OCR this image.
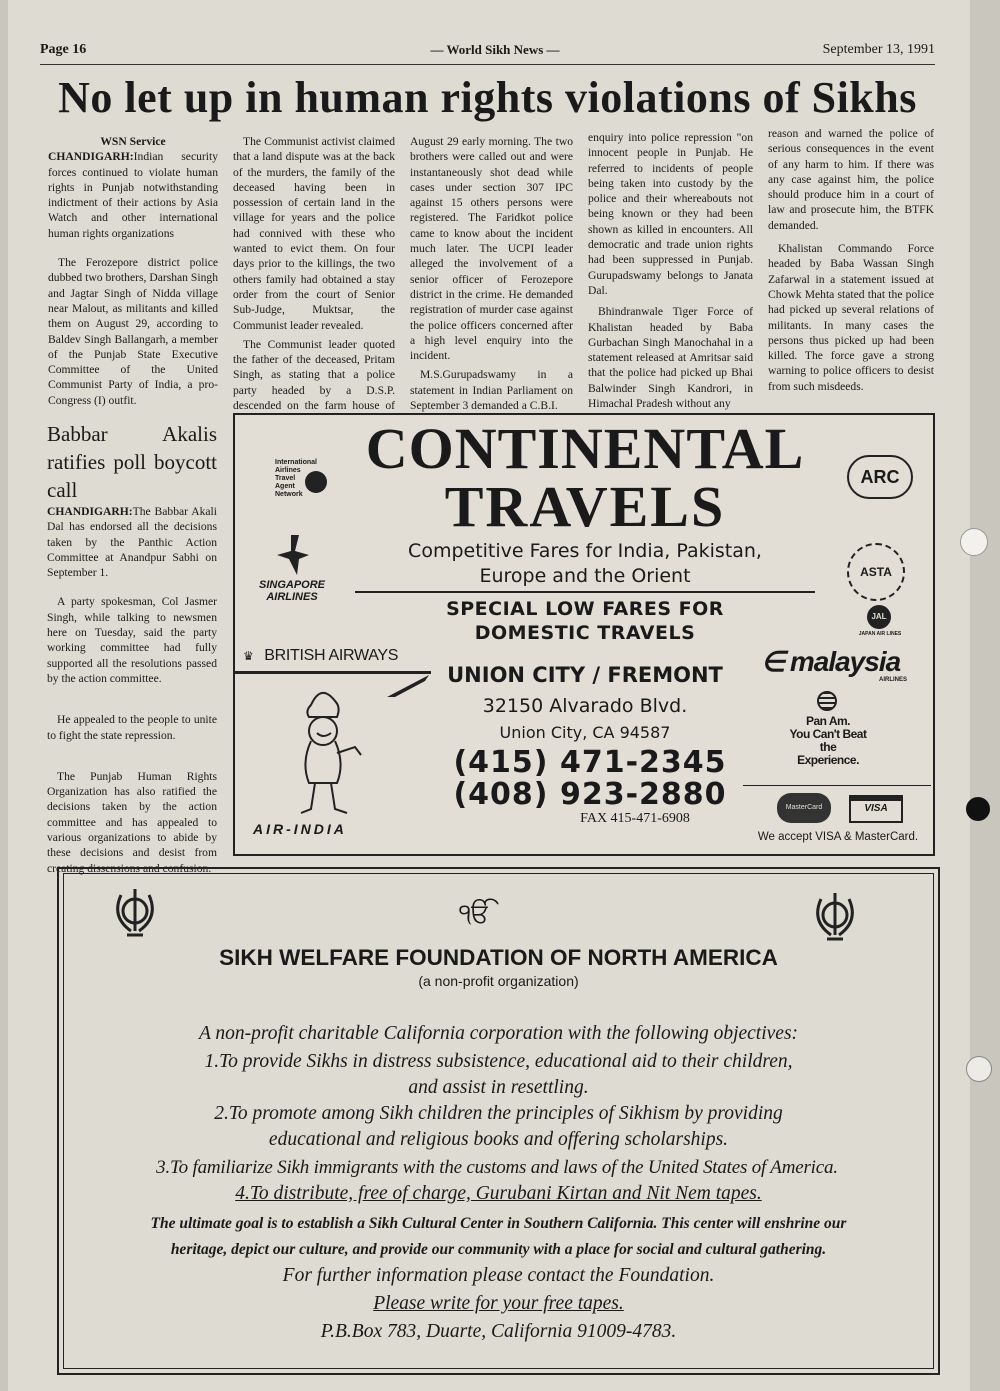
Page 16	— World Sikh News —	September 13, 1991
No let up in human rights violations of Sikhs
WSN Service

CHANDIGARH:Indian security forces continued to violate human rights in Punjab notwithstanding indictment of their actions by Asia Watch and other international human rights organizations

The Ferozepore district police dubbed two brothers, Darshan Singh and Jagtar Singh of Nidda village near Malout, as militants and killed them on August 29, according to Baldev Singh Ballangarh, a member of the Punjab State Executive Committee of the United Communist Party of India, a pro-Congress (I) outfit.

The Communist activist claimed that a land dispute was at the back of the murders, the family of the deceased having been in possession of certain land in the village for years and the police had connived with these who wanted to evict them. On four days prior to the killings, the two others family had obtained a stay order from the court of Senior Sub-Judge, Muktsar, the Communist leader revealed.

The Communist leader quoted the father of the deceased, Pritam Singh, as stating that a police party headed by a D.S.P. descended on the farm house of

August 29 early morning. The two brothers were called out and were instantaneously shot dead while cases under section 307 IPC against 15 others persons were registered. The Faridkot police came to know about the incident much later. The UCPI leader alleged the involvement of a senior officer of Ferozepore district in the crime. He demanded registration of murder case against the police officers concerned after a high level enquiry into the incident.

M.S.Gurupadswamy in a statement in Indian Parliament on September 3 demanded a C.B.I.

enquiry into police repression "on innocent people in Punjab. He referred to incidents of people being taken into custody by the police and their whereabouts not being known or they had been shown as killed in encounters. All democratic and trade union rights had been suppressed in Punjab. Gurupadswamy belongs to Janata Dal.

Bhindranwale Tiger Force of Khalistan headed by Baba Gurbachan Singh Manochahal in a statement released at Amritsar said that the police had picked up Bhai Balwinder Singh Kandrori, in Himachal Pradesh without any

reason and warned the police of serious consequences in the event of any harm to him. If there was any case against him, the police should produce him in a court of law and prosecute him, the BTFK demanded.

Khalistan Commando Force headed by Baba Wassan Singh Zafarwal in a statement issued at Chowk Mehta stated that the police had picked up several relations of militants. In many cases the persons thus picked up had been killed. The force gave a strong warning to police officers to desist from such misdeeds.

Babbar Akalis ratifies poll boycott call

CHANDIGARH:The Babbar Akali Dal has endorsed all the decisions taken by the Panthic Action Committee at Anandpur Sabhi on September 1.

A party spokesman, Col Jasmer Singh, while talking to newsmen here on Tuesday, said the party working committee had fully supported all the resolutions passed by the action committee.

He appealed to the people to unite to fight the state repression.

The Punjab Human Rights Organization has also ratified the decisions taken by the action committee and has appealed to various organizations to abide by these decisions and desist from creating dissensions and confusion.

CONTINENTAL
TRAVELS
International
Airlines
Travel
Agent
Network
ARC
SINGAPORE
AIRLINES
Competitive Fares for India, Pakistan,
Europe and the Orient	ASTA
JAL
JAPAN AIR LINES
SPECIAL LOW FARES FOR
DOMESTIC TRAVELS
♛ BRITISH AIRWAYS
UNION CITY / FREMONT
32150 Alvarado Blvd.
Union City, CA 94587
(415) 471-2345
(408) 923-2880
FAX 415-471-6908
∈ malaysia
AIRLINES
Pan Am.
You Can't Beat
the
Experience.
AIR-INDIA
MasterCard	VISA
We accept VISA & MasterCard.
ੴ
SIKH WELFARE FOUNDATION OF NORTH AMERICA
(a non-profit organization)
A non-profit charitable California corporation with the following objectives:
1.To provide Sikhs in distress subsistence, educational aid to their children,
and assist in resettling.
2.To promote among Sikh children the principles of Sikhism by providing
educational and religious books and offering scholarships.
3.To familiarize Sikh immigrants with the customs and laws of the United States of America.
4.To distribute, free of charge, Gurubani Kirtan and Nit Nem tapes.
The ultimate goal is to establish a Sikh Cultural Center in Southern California. This center will enshrine our
heritage, depict our culture, and provide our community with a place for social and cultural gathering.
For further information please contact the Foundation.
Please write for your free tapes.
P.B.Box 783, Duarte, California 91009-4783.
